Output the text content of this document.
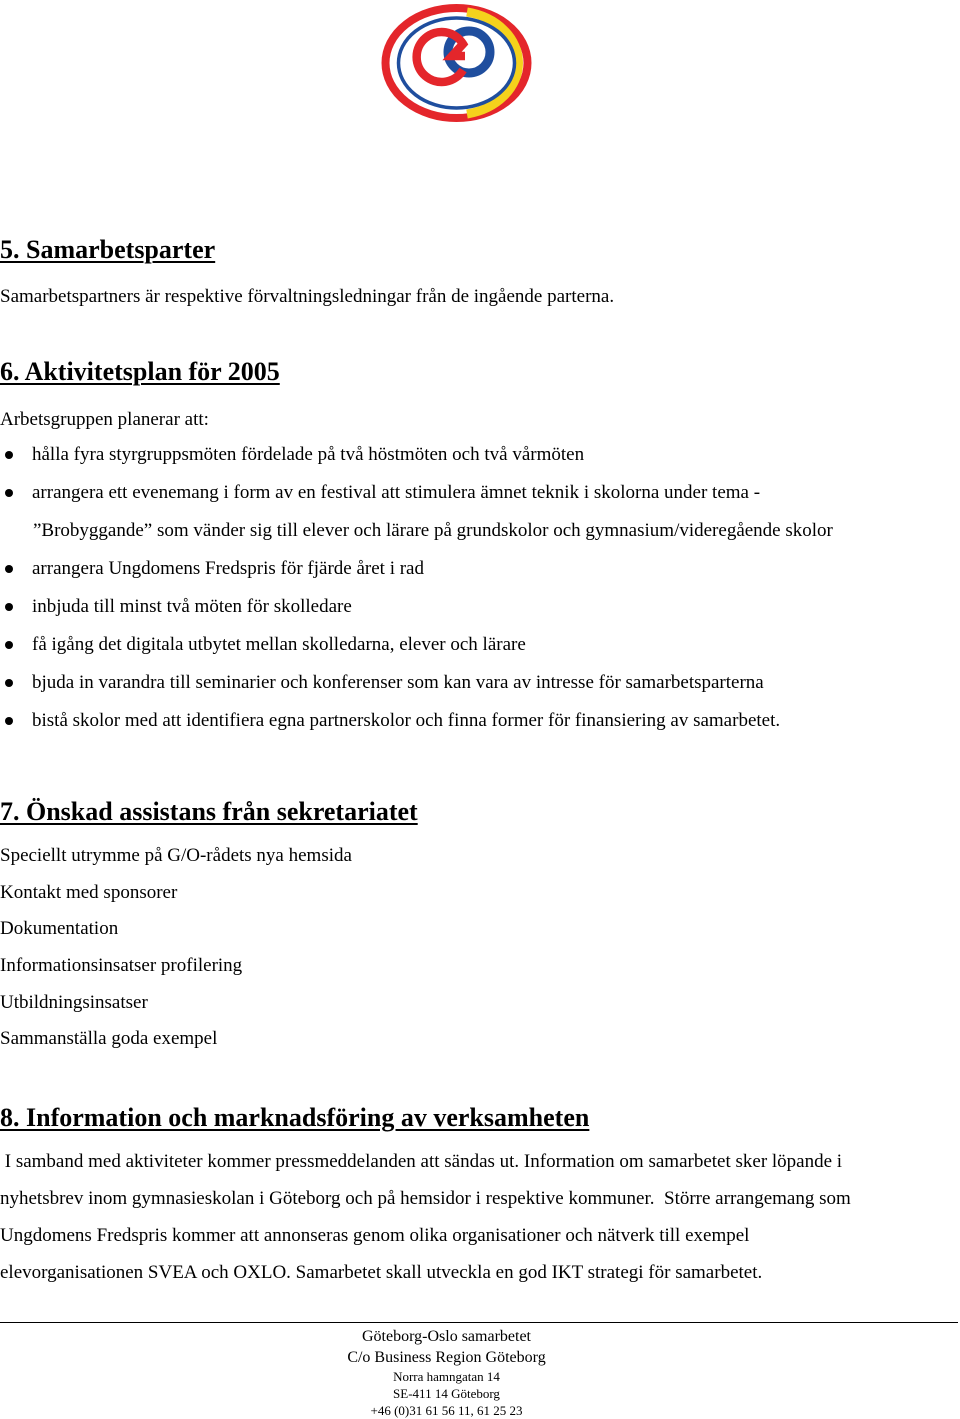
5. Samarbetsparter
Samarbetspartners är respektive förvaltningsledningar från de ingående parterna.
6. Aktivitetsplan för 2005
Arbetsgruppen planerar att:
hålla fyra styrgruppsmöten fördelade på två höstmöten och två vårmöten
arrangera ett evenemang i form av en festival att stimulera ämnet teknik i skolorna under tema -
”Brobyggande” som vänder sig till elever och lärare på grundskolor och gymnasium/videregående skolor
arrangera Ungdomens Fredspris för fjärde året i rad
inbjuda till minst två möten för skolledare
få igång det digitala utbytet mellan skolledarna, elever och lärare
bjuda in varandra till seminarier och konferenser som kan vara av intresse för samarbetsparterna
bistå skolor med att identifiera egna partnerskolor och finna former för finansiering av samarbetet.
7. Önskad assistans från sekretariatet
Speciellt utrymme på G/O-rådets nya hemsida
Kontakt med sponsorer
Dokumentation
Informationsinsatser profilering
Utbildningsinsatser
Sammanställa goda exempel
8. Information och marknadsföring av verksamheten
I samband med aktiviteter kommer pressmeddelanden att sändas ut. Information om samarbetet sker löpande i
nyhetsbrev inom gymnasieskolan i Göteborg och på hemsidor i respektive kommuner.  Större arrangemang som
Ungdomens Fredspris kommer att annonseras genom olika organisationer och nätverk till exempel
elevorganisationen SVEA och OXLO. Samarbetet skall utveckla en god IKT strategi för samarbetet.
Göteborg-Oslo samarbetet
C/o Business Region Göteborg
Norra hamngatan 14
SE-411 14 Göteborg
+46 (0)31 61 56 11, 61 25 23
